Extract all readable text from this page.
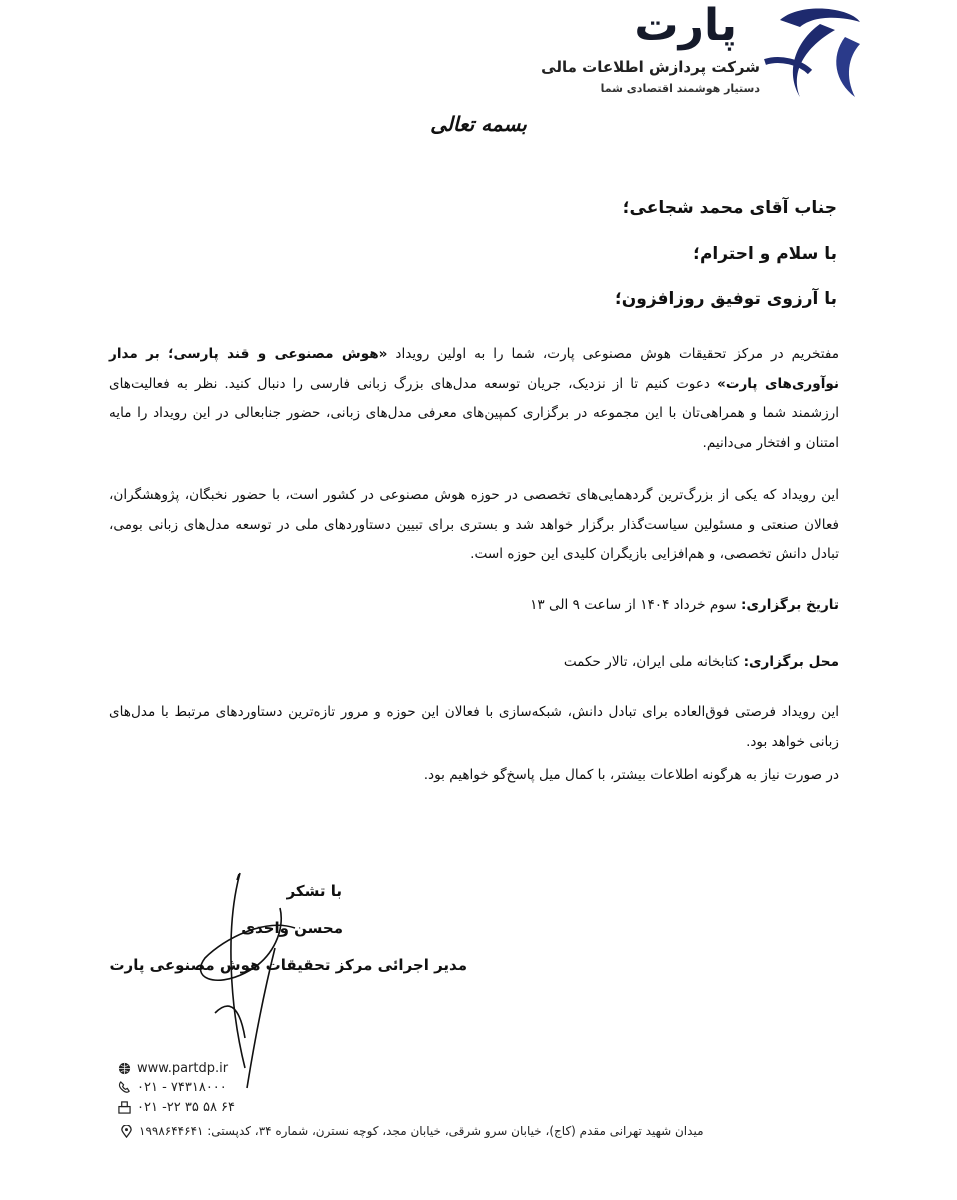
پارت
شرکت پردازش اطلاعات مالی
دستیار هوشمند اقتصادی شما
بسمه تعالی
جناب آقای محمد شجاعی؛
با سلام و احترام؛
با آرزوی توفیق روزافزون؛
مفتخریم در مرکز تحقیقات هوش مصنوعی پارت، شما را به اولین رویداد «هوش مصنوعی و قند پارسی؛ بر مدار نوآوری‌های پارت» دعوت کنیم تا از نزدیک، جریان توسعه مدل‌های بزرگ زبانی فارسی را دنبال کنید. نظر به فعالیت‌های ارزشمند شما و همراهی‌تان با این مجموعه در برگزاری کمپین‌های معرفی مدل‌های زبانی، حضور جنابعالی در این رویداد را مایه امتنان و افتخار می‌دانیم.
این رویداد که یکی از بزرگ‌ترین گردهمایی‌های تخصصی در حوزه هوش مصنوعی در کشور است، با حضور نخبگان، پژوهشگران، فعالان صنعتی و مسئولین سیاست‌گذار برگزار خواهد شد و بستری برای تبیین دستاوردهای ملی در توسعه مدل‌های زبانی بومی، تبادل دانش تخصصی، و هم‌افزایی بازیگران کلیدی این حوزه است.
تاریخ برگزاری: سوم خرداد ۱۴۰۴ از ساعت ۹ الی ۱۳
محل برگزاری: کتابخانه ملی ایران، تالار حکمت
این رویداد فرصتی فوق‌العاده برای تبادل دانش، شبکه‌سازی با فعالان این حوزه و مرور تازه‌ترین دستاوردهای مرتبط با مدل‌های زبانی خواهد بود.
در صورت نیاز به هرگونه اطلاعات بیشتر، با کمال میل پاسخ‌گو خواهیم بود.
با تشکر
محسن واحدی
مدیر اجرائی مرکز تحقیقات هوش مصنوعی پارت
www.partdp.ir
۰۲۱ - ۷۴۳۱۸۰۰۰
۰۲۱ -۲۲ ۳۵ ۵۸ ۶۴
میدان شهید تهرانی مقدم (کاج)، خیابان سرو شرقی، خیابان مجد، کوچه نسترن، شماره ۳۴، کدپستی: ۱۹۹۸۶۴۴۶۴۱
